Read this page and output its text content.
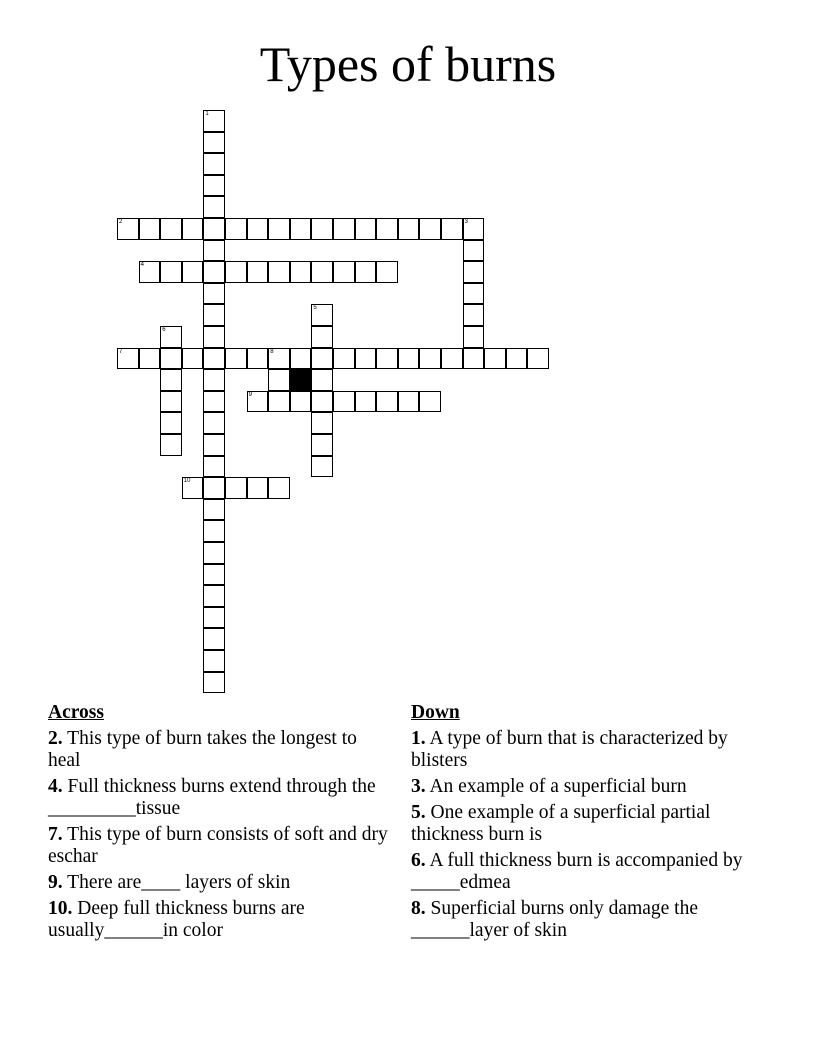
Types of burns
1
2	3
4
5
6
7	8
9
10
Across
2. This type of burn takes the longest to heal
4. Full thickness burns extend through the _________tissue
7. This type of burn consists of soft and dry eschar
9. There are____ layers of skin
10. Deep full thickness burns are usually______in color
Down
1. A type of burn that is characterized by blisters
3. An example of a superficial burn
5. One example of a superficial partial thickness burn is
6. A full thickness burn is accompanied by _____edmea
8. Superficial burns only damage the ______layer of skin
